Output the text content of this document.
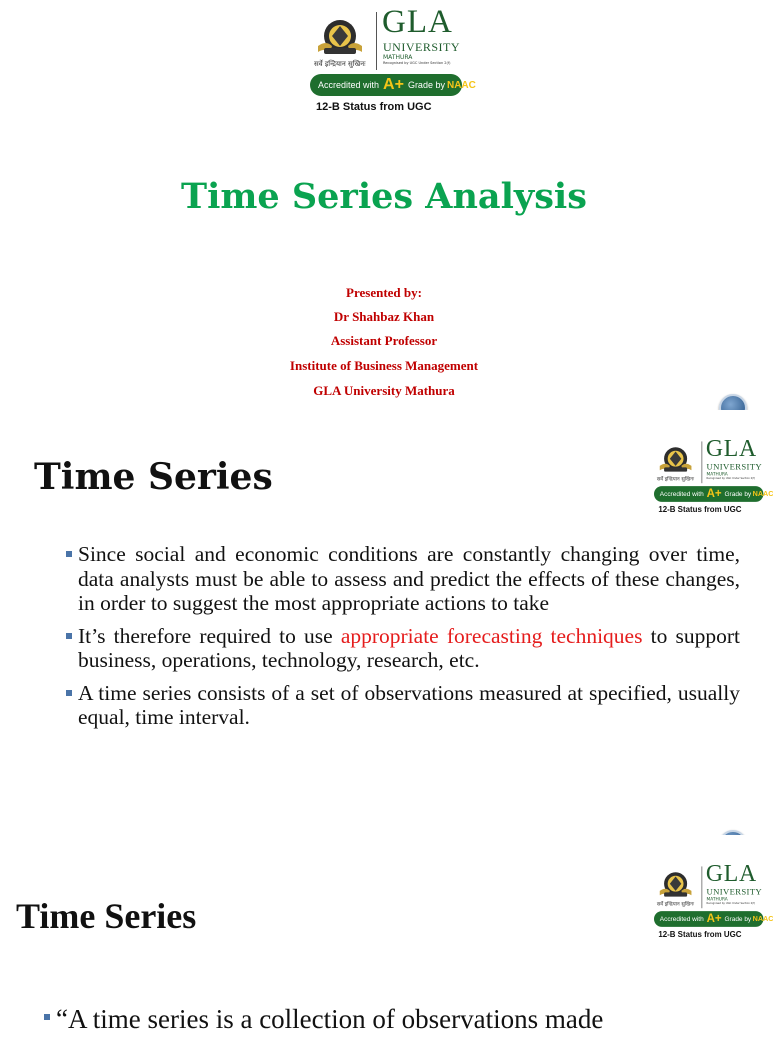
सर्वे इन्द्रियान सुखिनः
GLA
UNIVERSITY
MATHURA
Recognised by UGC Under Section 2(f)
Accredited with A+ Grade by NAAC
12-B Status from UGC
Time Series Analysis
Presented by:
Dr Shahbaz Khan
Assistant Professor
Institute of Business Management
GLA University Mathura
सर्वे इन्द्रियान सुखिनः
GLA
UNIVERSITY
MATHURA
Recognised by UGC Under Section 2(f)
Accredited with A+ Grade by NAAC
12-B Status from UGC
Time Series
Since social and economic conditions are constantly changing over time, data analysts must be able to assess and predict the effects of these changes, in order to suggest the most appropriate actions to take
It’s therefore required to use appropriate forecasting techniques to support business, operations, technology, research, etc.
A time series consists of a set of observations measured at specified, usually equal, time interval.
सर्वे इन्द्रियान सुखिनः
GLA
UNIVERSITY
MATHURA
Recognised by UGC Under Section 2(f)
Accredited with A+ Grade by NAAC
12-B Status from UGC
Time Series
“A time series is a collection of observations made
